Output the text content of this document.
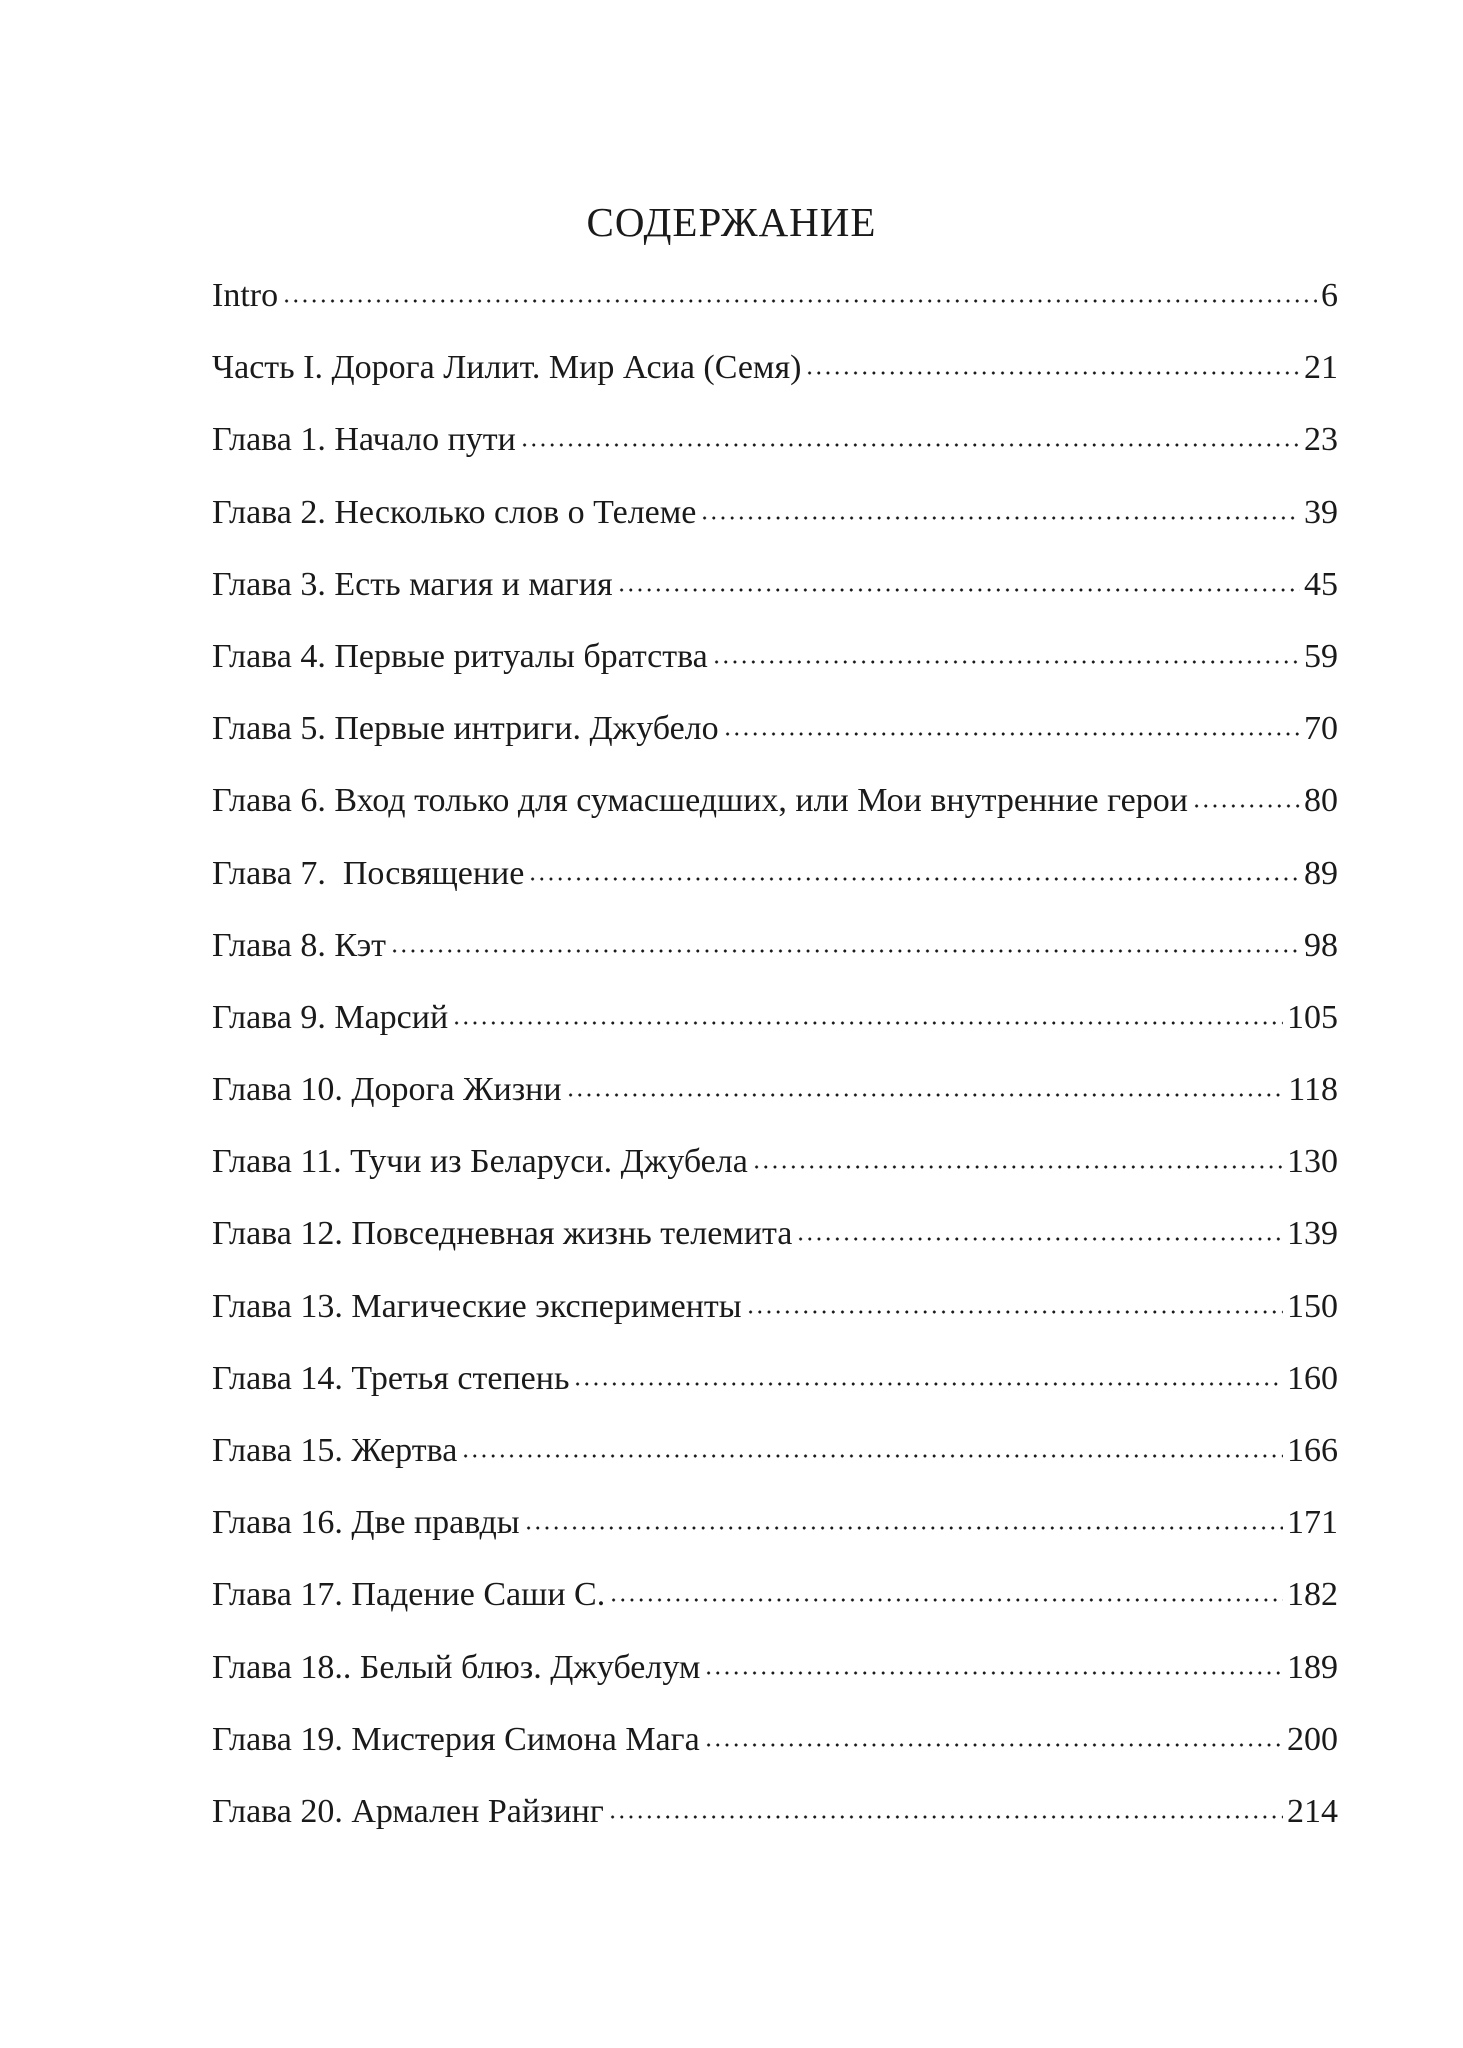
СОДЕРЖАНИЕ
Intro	6
Часть I. Дорога Лилит. Мир Асиа (Семя)	21
Глава 1. Начало пути	23
Глава 2. Несколько слов о Телеме	39
Глава 3. Есть магия и магия	45
Глава 4. Первые ритуалы братства	59
Глава 5. Первые интриги. Джубело	70
Глава 6. Вход только для сумасшедших, или Мои внутренние герои	80
Глава 7.  Посвящение	89
Глава 8. Кэт	98
Глава 9. Марсий	105
Глава 10. Дорога Жизни	118
Глава 11. Тучи из Беларуси. Джубела	130
Глава 12. Повседневная жизнь телемита	139
Глава 13. Магические эксперименты	150
Глава 14. Третья степень	160
Глава 15. Жертва	166
Глава 16. Две правды	171
Глава 17. Падение Саши С.	182
Глава 18.. Белый блюз. Джубелум	189
Глава 19. Мистерия Симона Мага	200
Глава 20. Армален Райзинг	214
